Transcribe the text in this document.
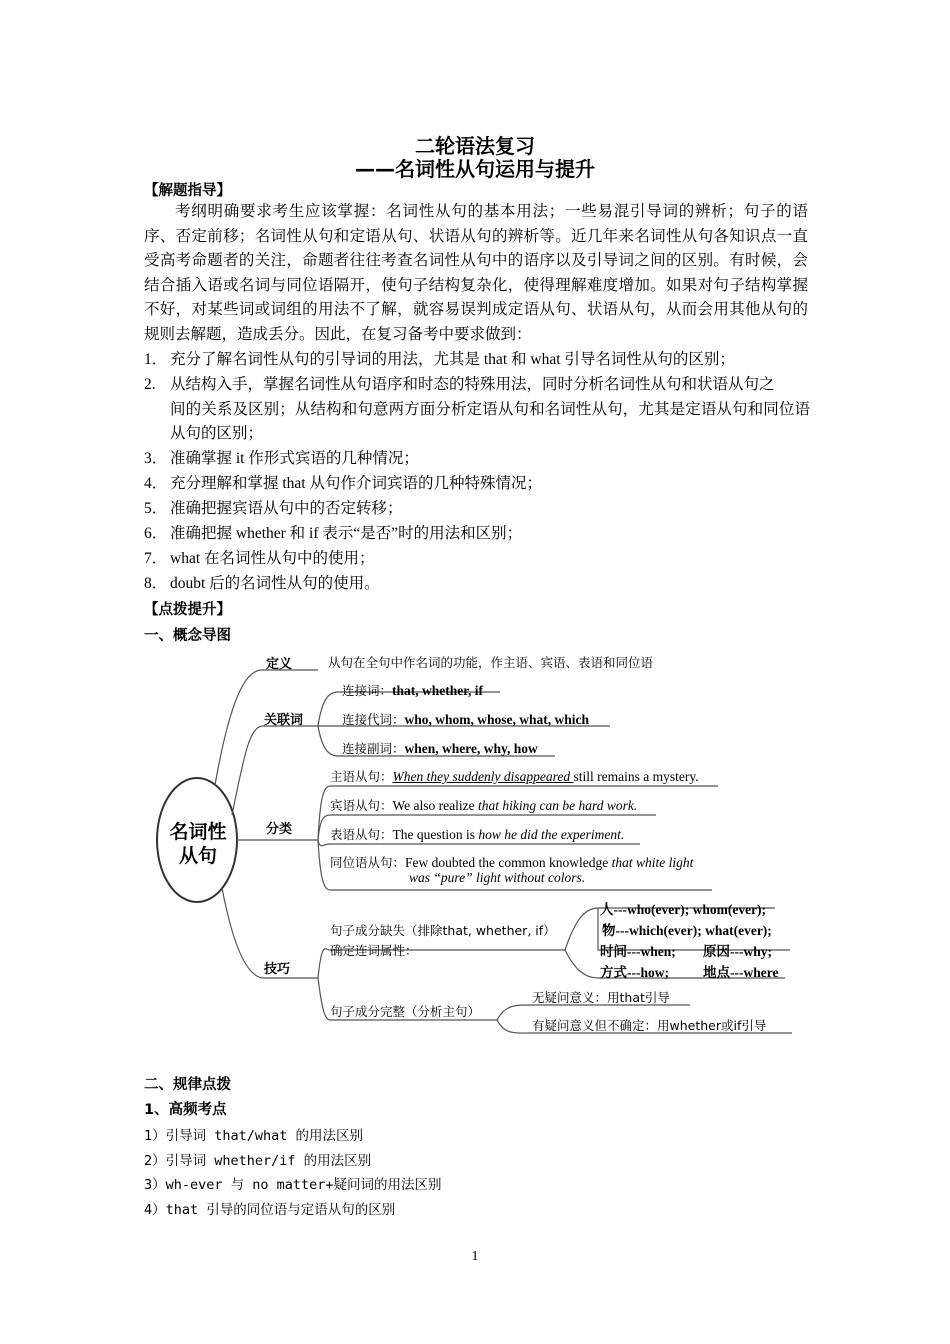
二轮语法复习
——名词性从句运用与提升
【解题指导】

考纲明确要求考生应该掌握：名词性从句的基本用法；一些易混引导词的辨析；句子的语序、否定前移；名词性从句和定语从句、状语从句的辨析等。近几年来名词性从句各知识点一直受高考命题者的关注，命题者往往考查名词性从句中的语序以及引导词之间的区别。有时候，会结合插入语或名词与同位语隔开，使句子结构复杂化，使得理解难度增加。如果对句子结构掌握不好，对某些词或词组的用法不了解，就容易误判成定语从句、状语从句，从而会用其他从句的规则去解题，造成丢分。因此，在复习备考中要求做到：

1． 充分了解名词性从句的引导词的用法，尤其是 that 和 what 引导名词性从句的区别；
2.从结构入手，掌握名词性从句语序和时态的特殊用法，同时分析名词性从句和状语从句之
间的关系及区别；从结构和句意两方面分析定语从句和名词性从句，尤其是定语从句和同位语从句的区别；
3． 准确掌握 it 作形式宾语的几种情况；
4． 充分理解和掌握 that 从句作介词宾语的几种特殊情况；
5． 准确把握宾语从句中的否定转移；
6． 准确把握 whether 和 if 表示“是否”时的用法和区别；
7． what 在名词性从句中的使用；
8． doubt 后的名词性从句的使用。
【点拨提升】
一、概念导图
名词性
从句
定义	从句在全句中作名词的功能，作主语、宾语、表语和同位语
关联词
连接词：that, whether, if
连接代词：who, whom, whose, what, which
连接副词：when, where, why, how
分类
主语从句：When they suddenly disappeared still remains a mystery.
宾语从句：We also realize that hiking can be hard work.
表语从句：The question is how he did the experiment.
同位语从句：Few doubted the common knowledge that white light
was “pure” light without colors.
技巧
句子成分缺失（排除that, whether, if）
确定连词属性：
人---who(ever); whom(ever);
物---which(ever); what(ever);
时间---when; 原因---why;
方式---how;	地点---where
句子成分完整（分析主句）
无疑问意义：用that引导
有疑问意义但不确定：用whether或if引导
二、规律点拨
1、高频考点
1）引导词 that/what 的用法区别
2）引导词 whether/if 的用法区别
3）wh-ever 与 no matter+疑问词的用法区别
4）that 引导的同位语与定语从句的区别
1
